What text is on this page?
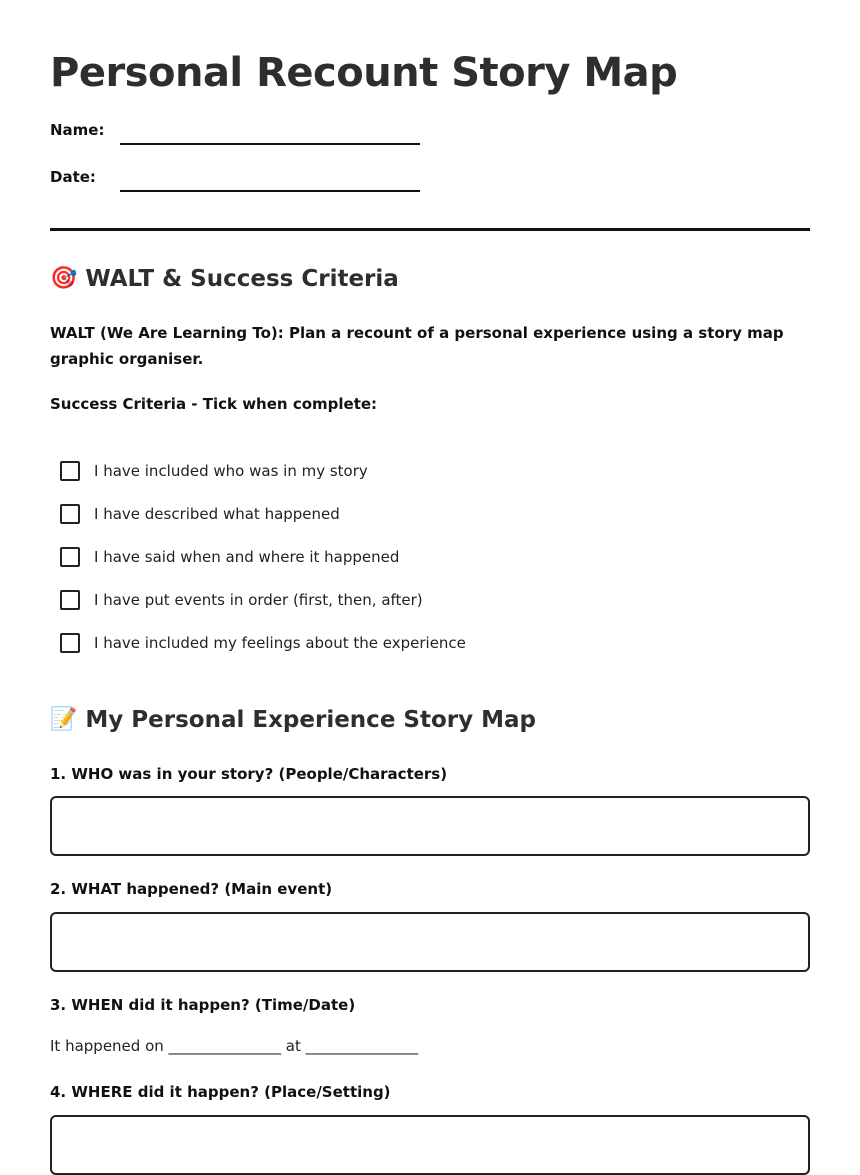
Personal Recount Story Map
Name:
Date:
🎯 WALT & Success Criteria

WALT (We Are Learning To): Plan a recount of a personal experience using a story map graphic organiser.

Success Criteria - Tick when complete:
I have included who was in my story
I have described what happened
I have said when and where it happened
I have put events in order (first, then, after)
I have included my feelings about the experience
📝 My Personal Experience Story Map
1. WHO was in your story? (People/Characters)
2. WHAT happened? (Main event)
3. WHEN did it happen? (Time/Date)
It happened on _______________ at _______________
4. WHERE did it happen? (Place/Setting)
